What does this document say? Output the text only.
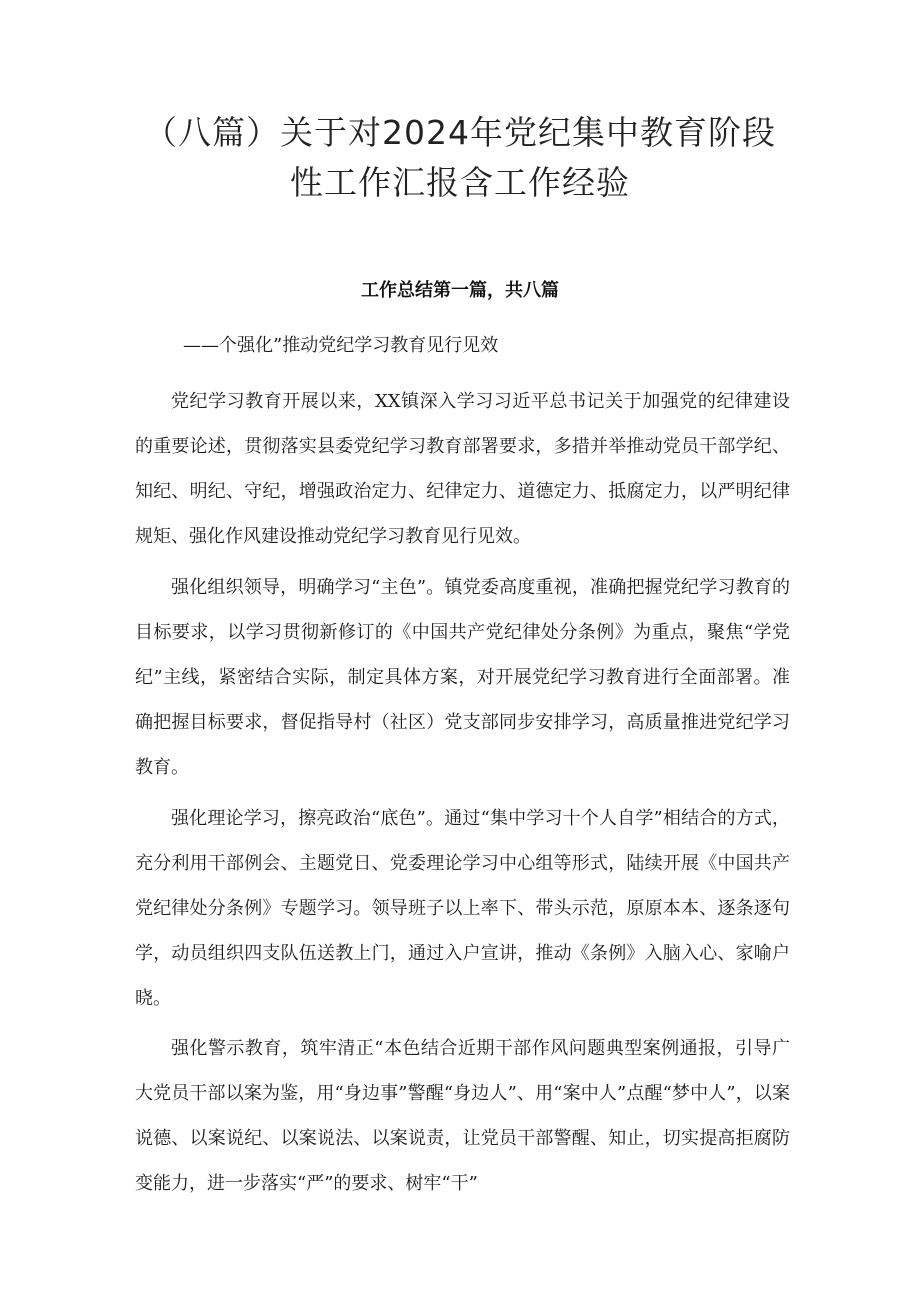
（八篇）关于对2024年党纪集中教育阶段
性工作汇报含工作经验
工作总结第一篇，共八篇

——个强化”推动党纪学习教育见行见效

党纪学习教育开展以来，XX镇深入学习习近平总书记关于加强党的纪律建设的重要论述，贯彻落实县委党纪学习教育部署要求，多措并举推动党员干部学纪、知纪、明纪、守纪，增强政治定力、纪律定力、道德定力、抵腐定力，以严明纪律规矩、强化作风建设推动党纪学习教育见行见效。

强化组织领导，明确学习“主色”。镇党委高度重视，准确把握党纪学习教育的目标要求，以学习贯彻新修订的《中国共产党纪律处分条例》为重点，聚焦“学党纪”主线，紧密结合实际，制定具体方案，对开展党纪学习教育进行全面部署。准确把握目标要求，督促指导村（社区）党支部同步安排学习，高质量推进党纪学习教育。

强化理论学习，擦亮政治“底色”。通过“集中学习十个人自学”相结合的方式，充分利用干部例会、主题党日、党委理论学习中心组等形式，陆续开展《中国共产党纪律处分条例》专题学习。领导班子以上率下、带头示范，原原本本、逐条逐句学，动员组织四支队伍送教上门，通过入户宣讲，推动《条例》入脑入心、家喻户晓。

强化警示教育，筑牢清正“本色结合近期干部作风问题典型案例通报，引导广大党员干部以案为鉴，用“身边事”警醒“身边人”、用“案中人”点醒“梦中人”，以案说德、以案说纪、以案说法、以案说责，让党员干部警醒、知止，切实提高拒腐防变能力，进一步落实“严”的要求、树牢“干”
